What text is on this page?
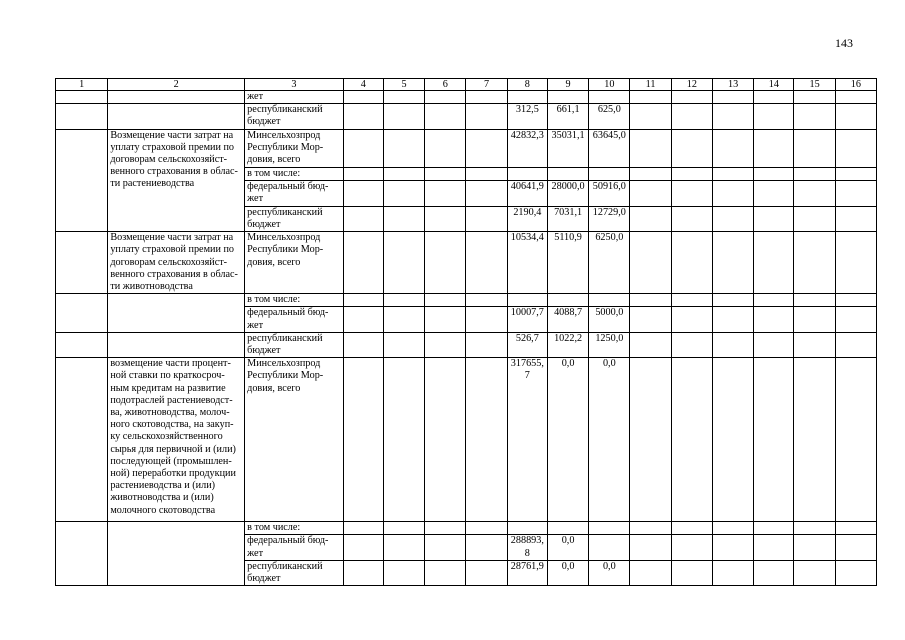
143
1	2	3	4	5	6	7	8	9	10	11	12	13	14	15	16
		жет													
		республиканский бюджет					312,5	661,1	625,0						
	Возмещение части затрат на уплату страховой премии по договорам сельскохозяйст-венного страхования в облас-ти растениеводства	Минсельхозпрод Республики Мор-довия, всего					42832,3	35031,1	63645,0						
		в том числе:													
		федеральный бюд-жет					40641,9	28000,0	50916,0						
		республиканский бюджет					2190,4	7031,1	12729,0						
	Возмещение части затрат на уплату страховой премии по договорам сельскохозяйст-венного страхования в облас-ти животноводства	Минсельхозпрод Республики Мор-довия, всего					10534,4	5110,9	6250,0						
		в том числе:													
		федеральный бюд-жет					10007,7	4088,7	5000,0						
		республиканский бюджет					526,7	1022,2	1250,0						
	возмещение части процент-ной ставки по краткосроч-ным кредитам на развитие подотраслей растениеводст-ва, животноводства, молоч-ного скотоводства, на закуп-ку сельскохозяйственного сырья для первичной и (или) последующей (промышлен-ной) переработки продукции растениеводства и (или) животноводства и (или) молочного скотоводства	Минсельхозпрод Республики Мор-довия, всего					317655,7	0,0	0,0						
		в том числе:													
		федеральный бюд-жет					288893,8	0,0							
		республиканский бюджет					28761,9	0,0	0,0						
